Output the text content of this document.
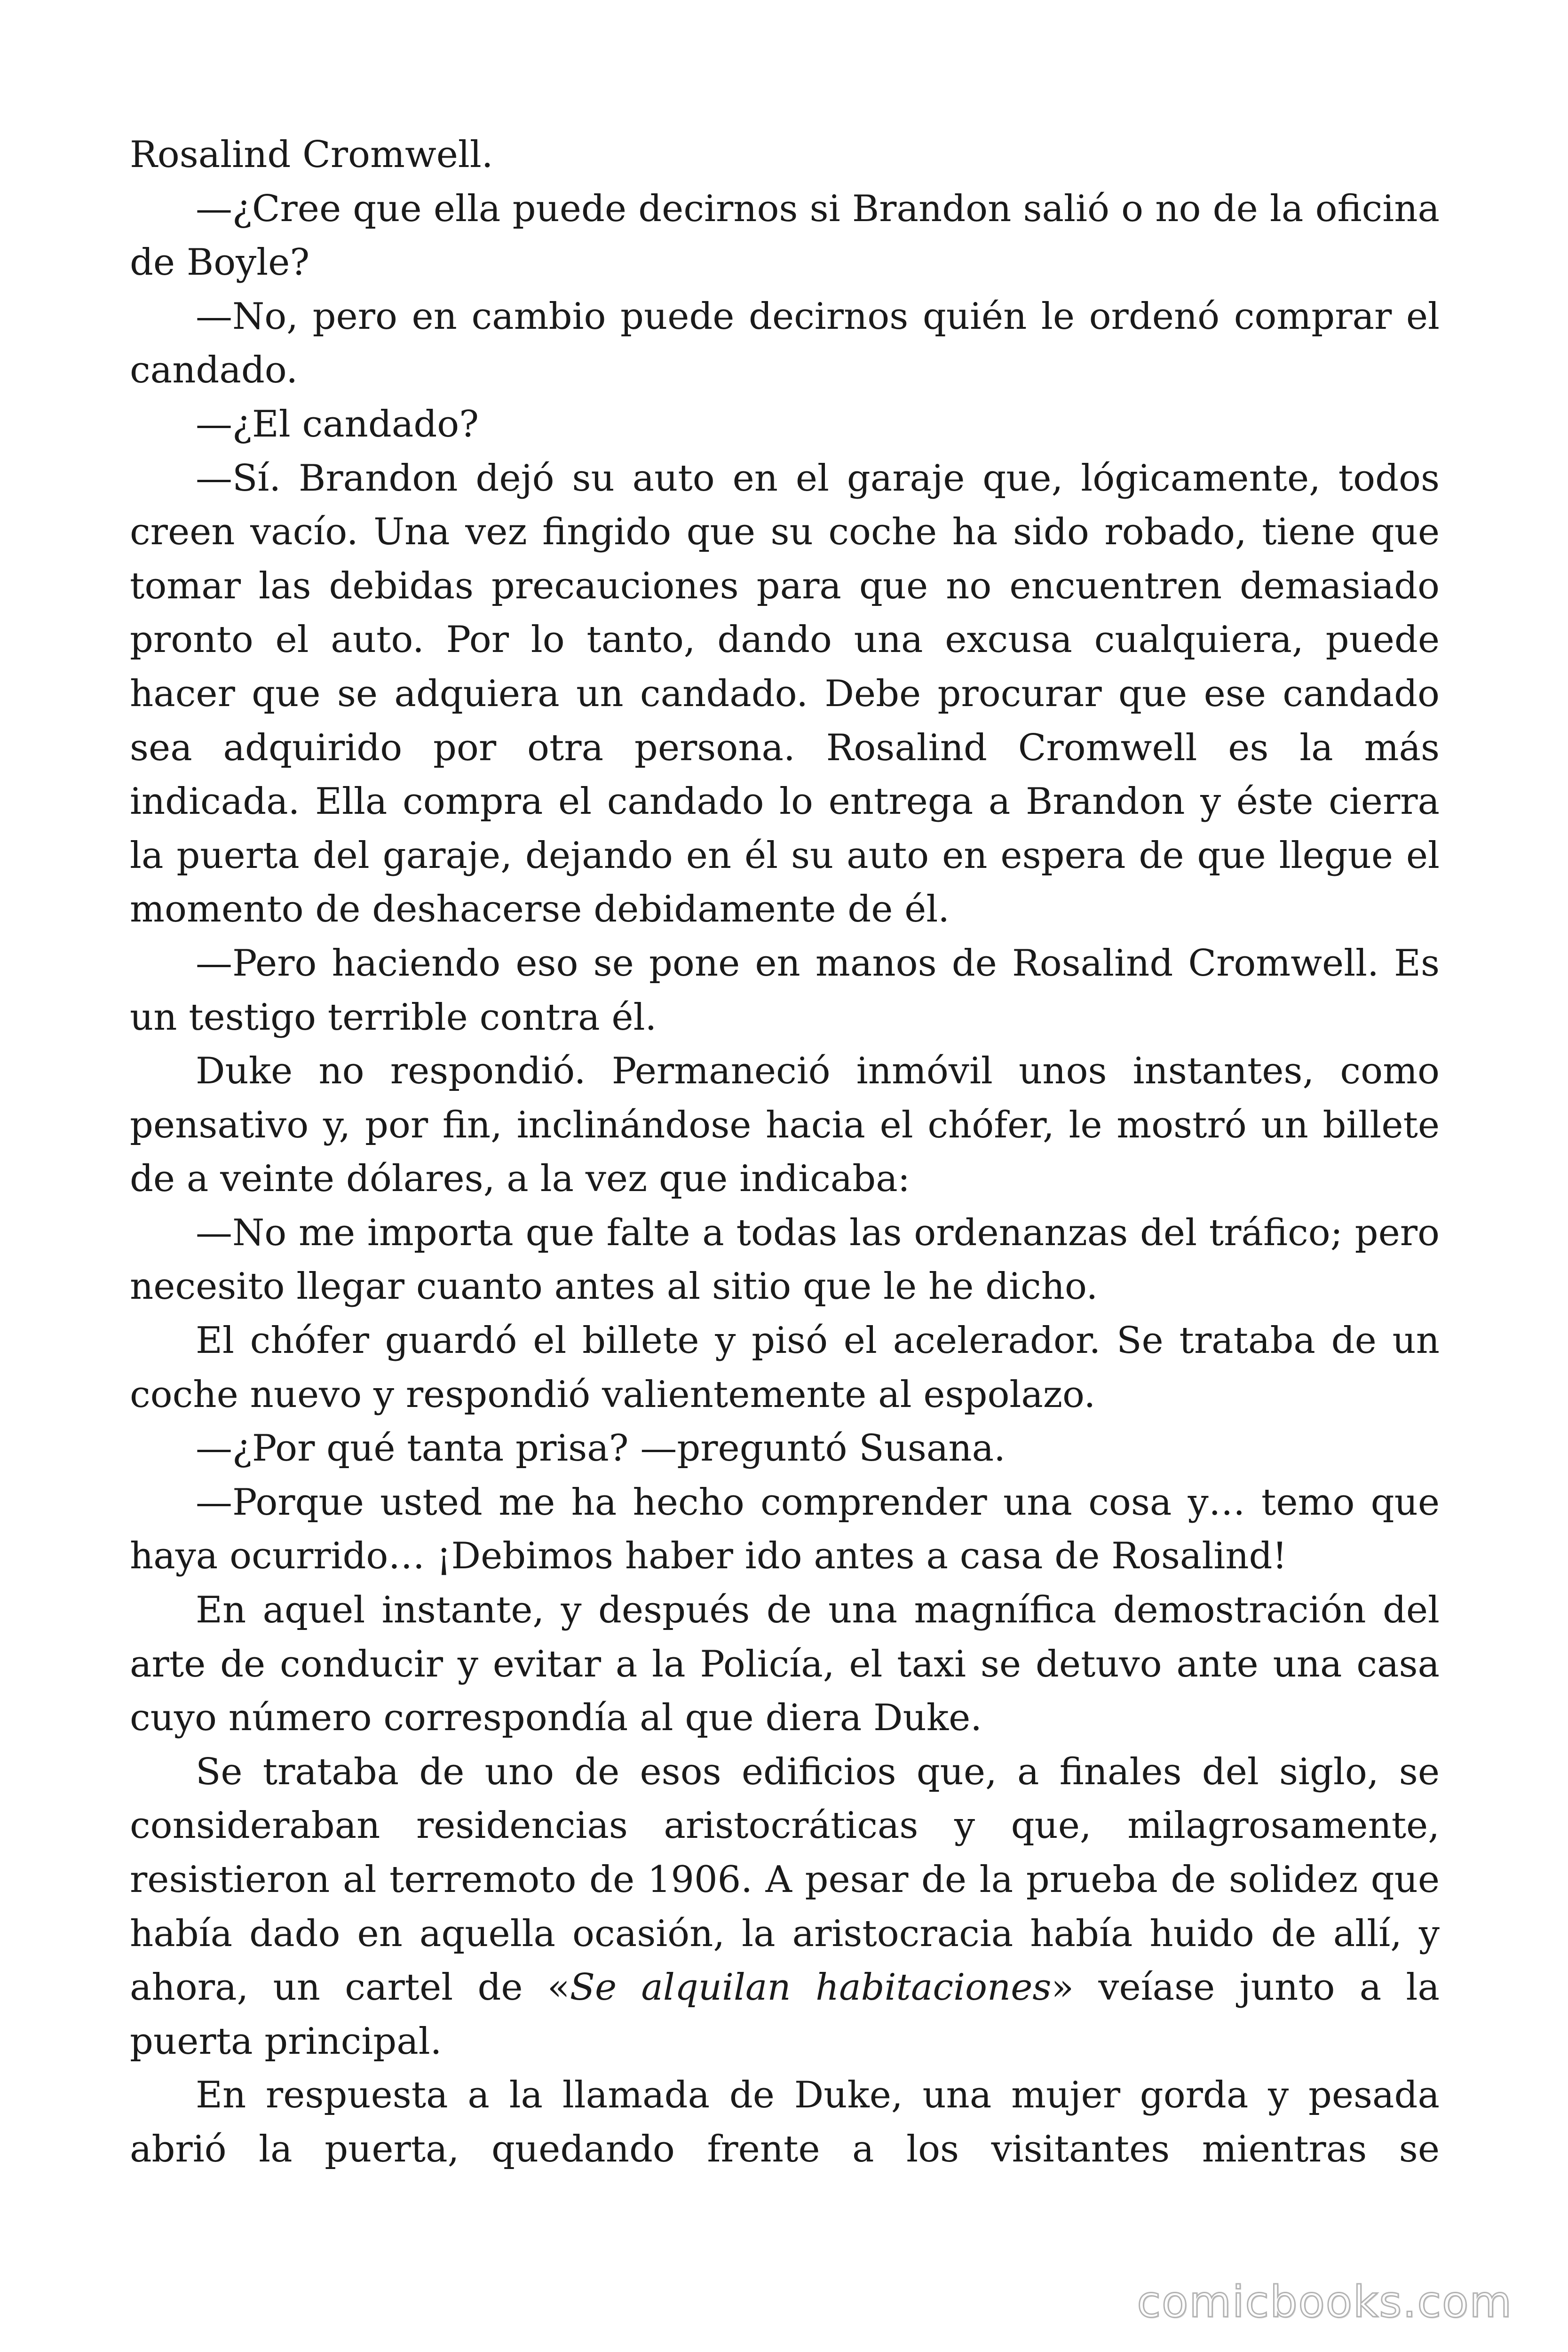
Rosalind Cromwell.

—¿Cree que ella puede decirnos si Brandon salió o no de la oficina de Boyle?

—No, pero en cambio puede decirnos quién le ordenó comprar el candado.

—¿El candado?

—Sí. Brandon dejó su auto en el garaje que, lógicamente, todos creen vacío. Una vez fingido que su coche ha sido robado, tiene que tomar las debidas precauciones para que no encuentren demasiado pronto el auto. Por lo tanto, dando una excusa cualquiera, puede hacer que se adquiera un candado. Debe procurar que ese candado sea adquirido por otra persona. Rosalind Cromwell es la más indicada. Ella compra el candado lo entrega a Brandon y éste cierra la puerta del garaje, dejando en él su auto en espera de que llegue el momento de deshacerse debidamente de él.

—Pero haciendo eso se pone en manos de Rosalind Cromwell. Es un testigo terrible contra él.

Duke no respondió. Permaneció inmóvil unos instantes, como pensativo y, por fin, inclinándose hacia el chófer, le mostró un billete de a veinte dólares, a la vez que indicaba:

—No me importa que falte a todas las ordenanzas del tráfico; pero necesito llegar cuanto antes al sitio que le he dicho.

El chófer guardó el billete y pisó el acelerador. Se trataba de un coche nuevo y respondió valientemente al espolazo.

—¿Por qué tanta prisa? —preguntó Susana.

—Porque usted me ha hecho comprender una cosa y… temo que haya ocurrido… ¡Debimos haber ido antes a casa de Rosalind!

En aquel instante, y después de una magnífica demostración del arte de conducir y evitar a la Policía, el taxi se detuvo ante una casa cuyo número correspondía al que diera Duke.

Se trataba de uno de esos edificios que, a finales del siglo, se consideraban residencias aristocráticas y que, milagrosamente, resistieron al terremoto de 1906. A pesar de la prueba de solidez que había dado en aquella ocasión, la aristocracia había huido de allí, y ahora, un cartel de «Se alquilan habitaciones» veíase junto a la puerta principal.

En respuesta a la llamada de Duke, una mujer gorda y pesada abrió la puerta, quedando frente a los visitantes mientras se

comicbooks.com
